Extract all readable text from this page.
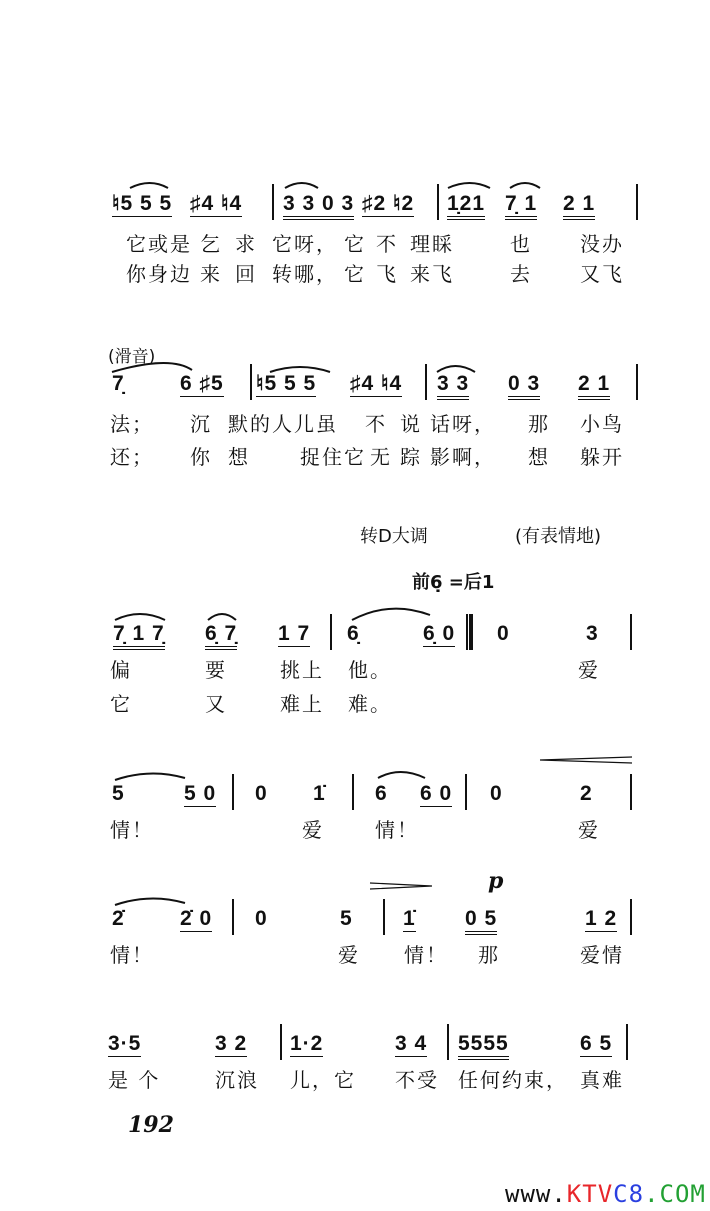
192
p
(滑音)
转D大调	(有表情地)
前6̣ =后1
www.KTVC8.COM
♮5 5 5 ♯4 ♮4 3 3 0 3 ♯2 ♮2 1̣21 7̣ 1 2 1
它或是 乞 求 它呀， 它 不 理睬	也 没办
你身边 来 回 转哪， 它 飞 来飞	去 又飞
7̣	6 ♯5 ♮5 5 5 ♯4 ♮4 3 3 0 3 2 1
法； 沉 默的人儿虽 不 说 话呀， 那 小鸟
还； 你 想	捉住它 无 踪 影啊， 想 躲开
7̣ 1 7̣ 6̣ 7̣ 1 7 6̣	6̣ 0 0	3
偏	要	挑上 他。	爱
它	又	难上 难。
5	5 0 0 1̇ 6 6 0 0	2
情！	爱	情！	爱
2̇	2̇ 0 0	5 1̇ 0 5	1 2
情！	爱 情！ 那	爱情
3·5	3 2 1·2	3 4 5555	6 5
是 个	沉浪 儿，它 不受 任何约束， 真难
